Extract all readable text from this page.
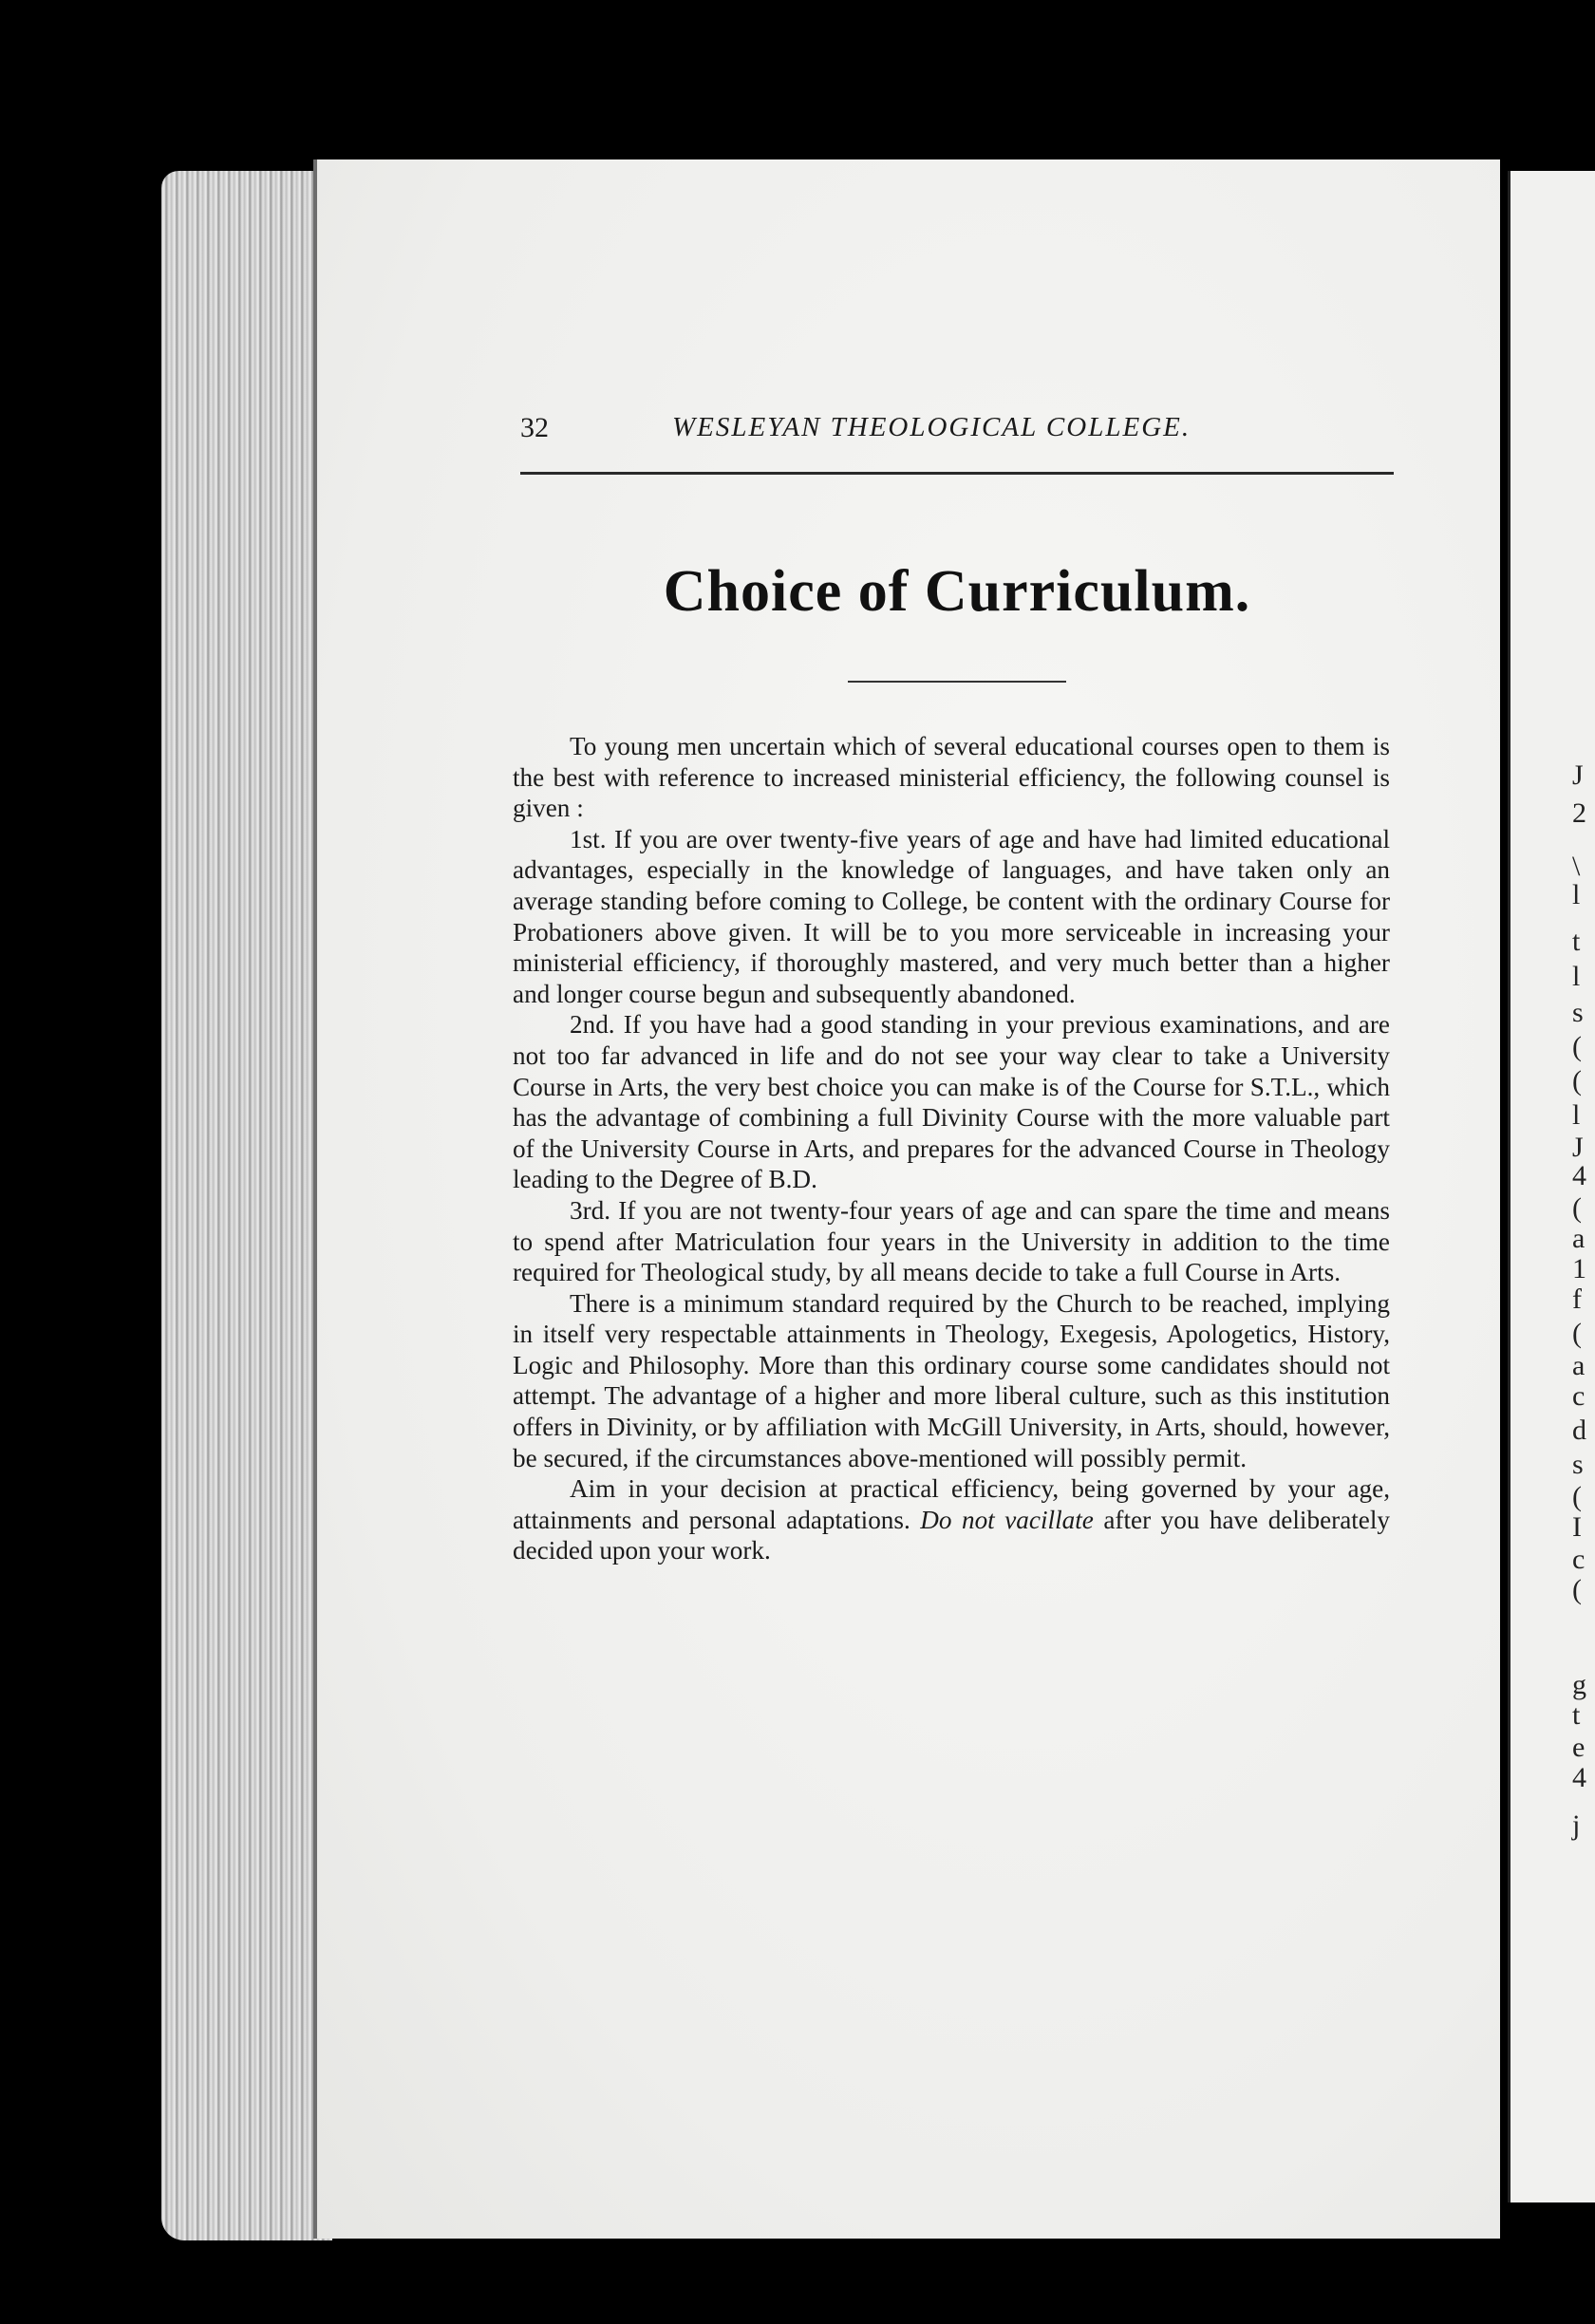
J
2
\
l
t
l
s
(
(
l
J
4
(
a
1
f
(
a
c
d
s
(
I
c
(
g
t
e
4
j
32	WESLEYAN THEOLOGICAL COLLEGE.
Choice of Curriculum.

To young men uncertain which of several educational courses open to them is the best with reference to increased ministerial efficiency, the following counsel is given :

1st. If you are over twenty-five years of age and have had limited educational advantages, especially in the knowledge of languages, and have taken only an average standing before coming to College, be content with the ordinary Course for Probationers above given. It will be to you more serviceable in increasing your ministerial efficiency, if thoroughly mastered, and very much better than a higher and longer course begun and subsequently abandoned.

2nd. If you have had a good standing in your previous examinations, and are not too far advanced in life and do not see your way clear to take a University Course in Arts, the very best choice you can make is of the Course for S.T.L., which has the advantage of combining a full Divinity Course with the more valuable part of the University Course in Arts, and prepares for the advanced Course in Theology leading to the Degree of B.D.

3rd. If you are not twenty-four years of age and can spare the time and means to spend after Matriculation four years in the University in addition to the time required for Theological study, by all means decide to take a full Course in Arts.

There is a minimum standard required by the Church to be reached, implying in itself very respectable attainments in Theology, Exegesis, Apologetics, History, Logic and Philosophy. More than this ordinary course some candidates should not attempt. The advantage of a higher and more liberal culture, such as this institution offers in Divinity, or by affiliation with McGill University, in Arts, should, however, be secured, if the circumstances above-mentioned will possibly permit.

Aim in your decision at practical efficiency, being governed by your age, attainments and personal adaptations. Do not vacillate after you have deliberately decided upon your work.
